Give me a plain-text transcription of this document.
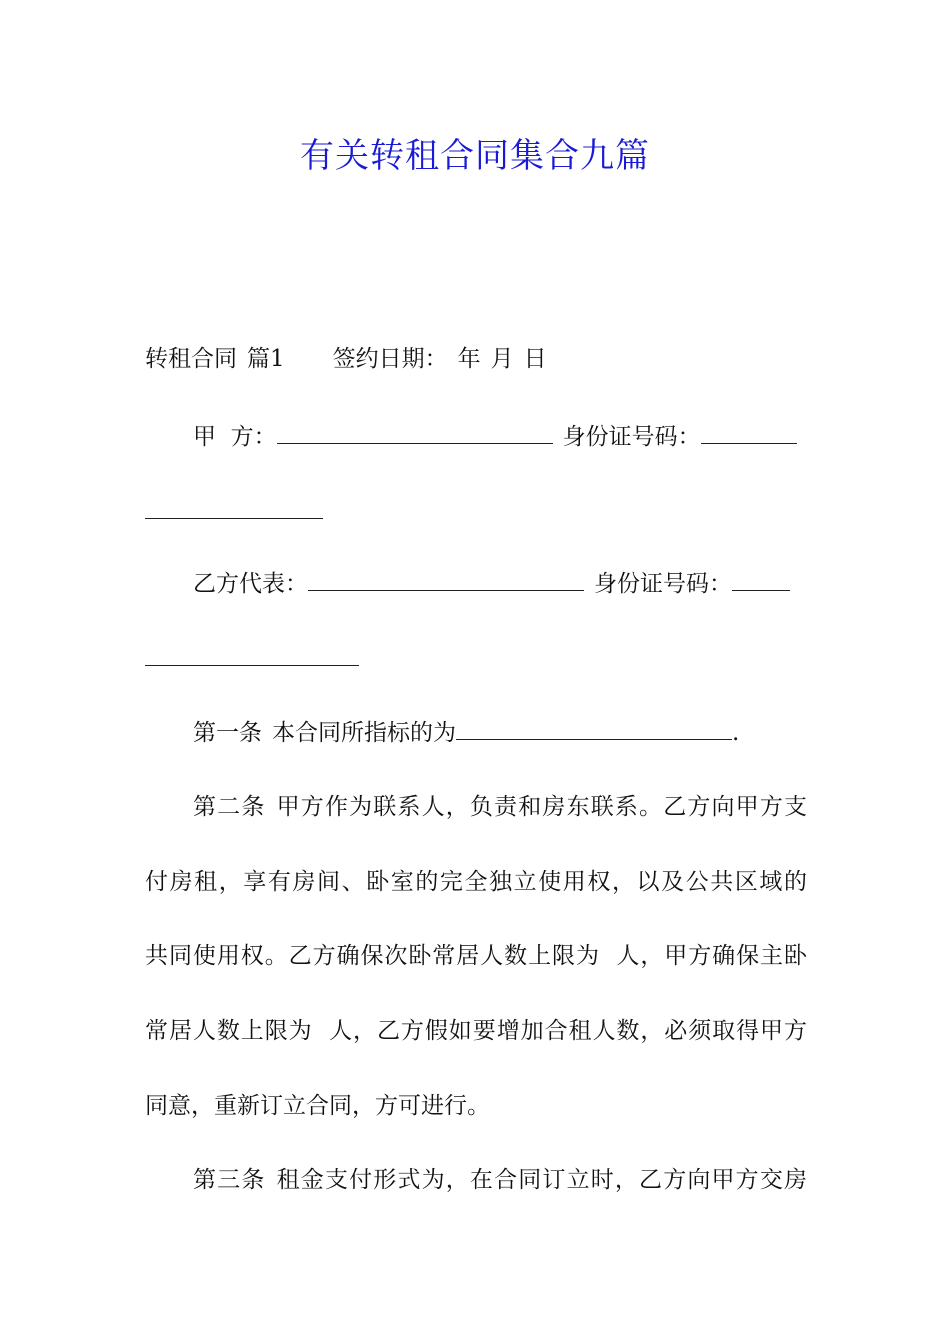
有关转租合同集合九篇
转租合同 篇1 签约日期： 年 月 日
甲  方：	身份证号码：
乙方代表：	身份证号码：
第一条 本合同所指标的为	.
第二条 甲方作为联系人，负责和房东联系。乙方向甲方支
付房租，享有房间、卧室的完全独立使用权，以及公共区域的
共同使用权。乙方确保次卧常居人数上限为  人，甲方确保主卧
常居人数上限为  人，乙方假如要增加合租人数，必须取得甲方
同意，重新订立合同，方可进行。
第三条 租金支付形式为，在合同订立时，乙方向甲方交房
